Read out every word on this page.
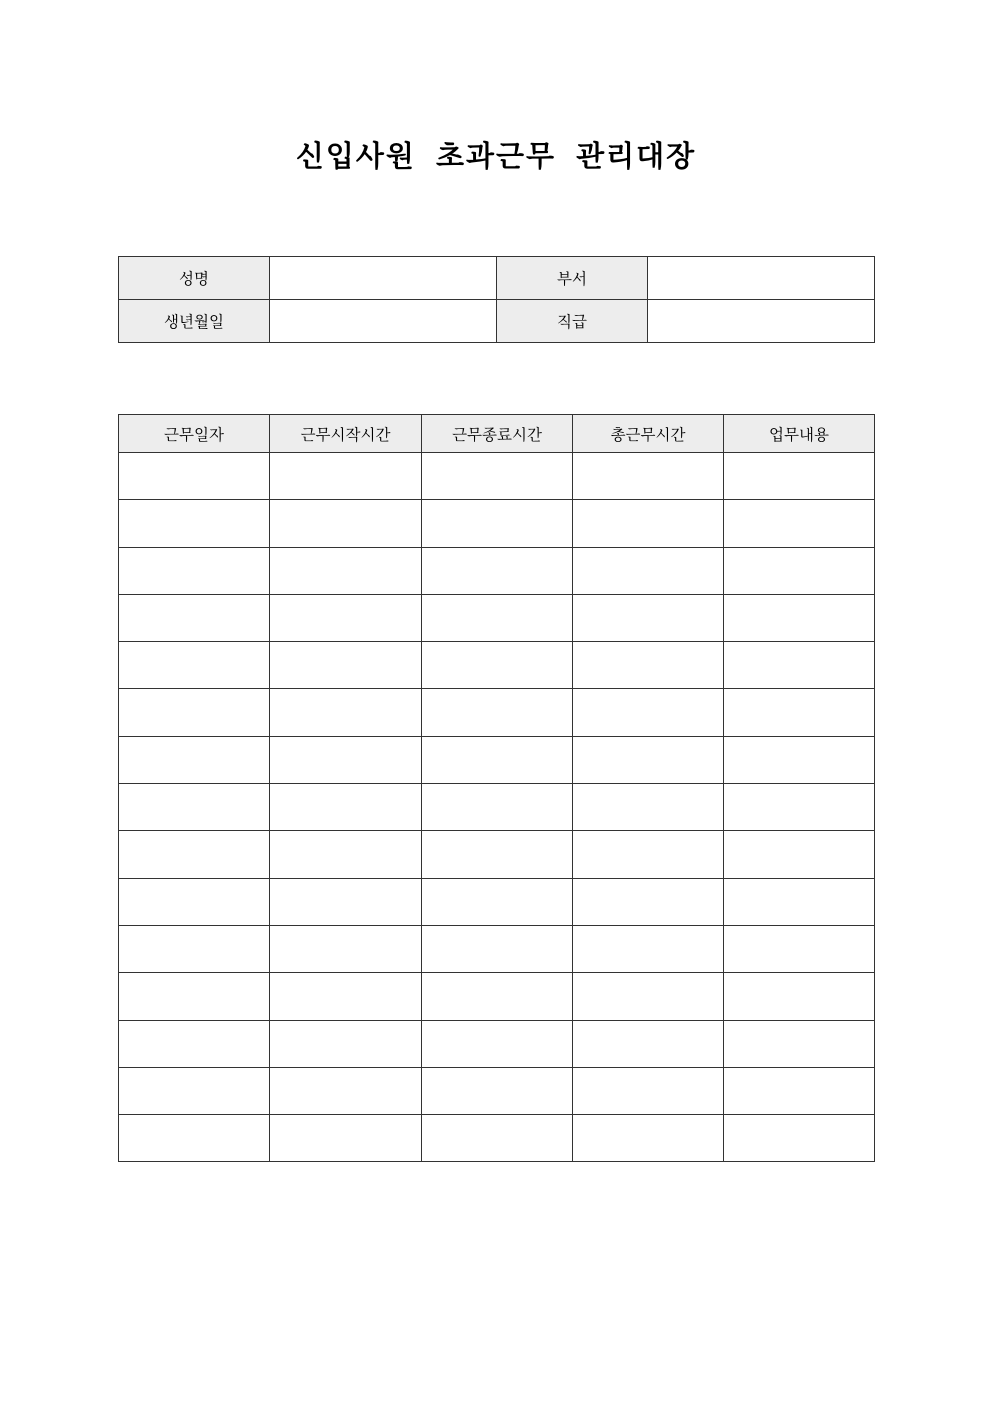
신입사원 초과근무 관리대장
성명		부서	
생년월일		직급	
근무일자	근무시작시간	근무종료시간	총근무시간	업무내용
